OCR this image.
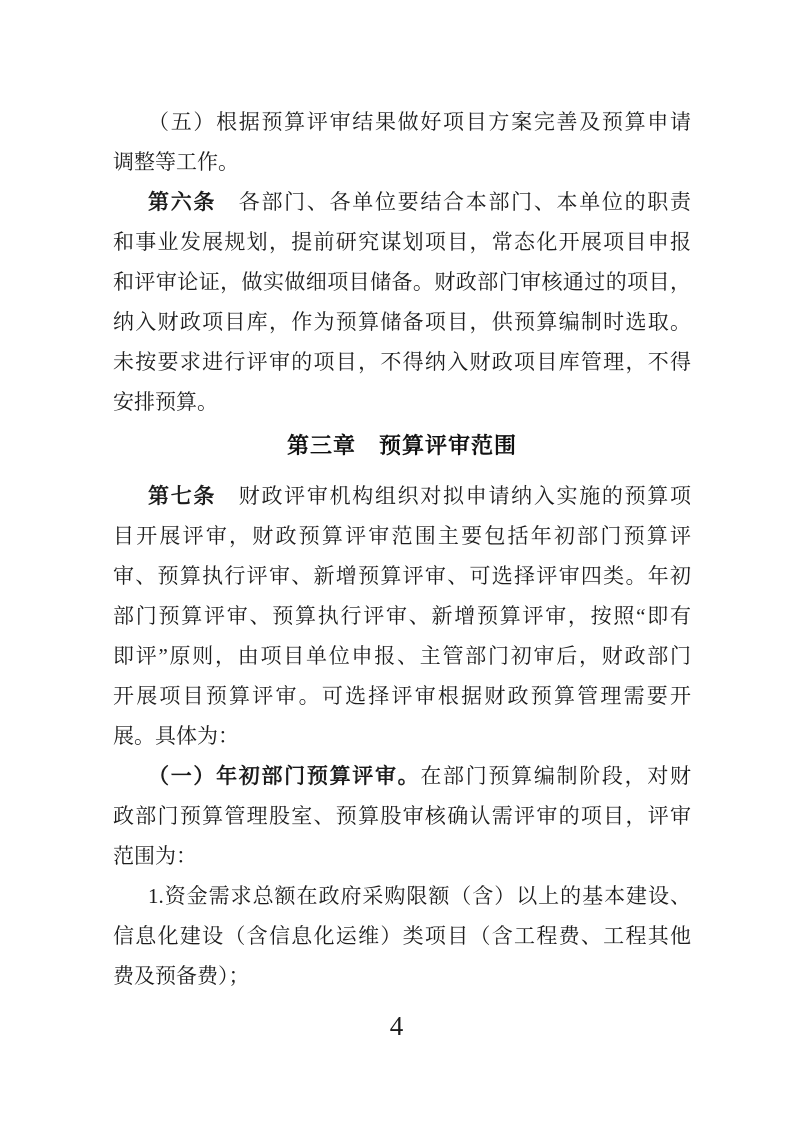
（五）根据预算评审结果做好项目方案完善及预算申请
调整等工作。
第六条　各部门、各单位要结合本部门、本单位的职责
和事业发展规划，提前研究谋划项目，常态化开展项目申报
和评审论证，做实做细项目储备。财政部门审核通过的项目，
纳入财政项目库，作为预算储备项目，供预算编制时选取。
未按要求进行评审的项目，不得纳入财政项目库管理，不得
安排预算。
第三章　预算评审范围
第七条　财政评审机构组织对拟申请纳入实施的预算项
目开展评审，财政预算评审范围主要包括年初部门预算评
审、预算执行评审、新增预算评审、可选择评审四类。年初
部门预算评审、预算执行评审、新增预算评审，按照“即有
即评”原则，由项目单位申报、主管部门初审后，财政部门
开展项目预算评审。可选择评审根据财政预算管理需要开
展。具体为：
（一）年初部门预算评审。在部门预算编制阶段，对财
政部门预算管理股室、预算股审核确认需评审的项目，评审
范围为：
1.资金需求总额在政府采购限额（含）以上的基本建设、
信息化建设（含信息化运维）类项目（含工程费、工程其他
费及预备费）；
4
